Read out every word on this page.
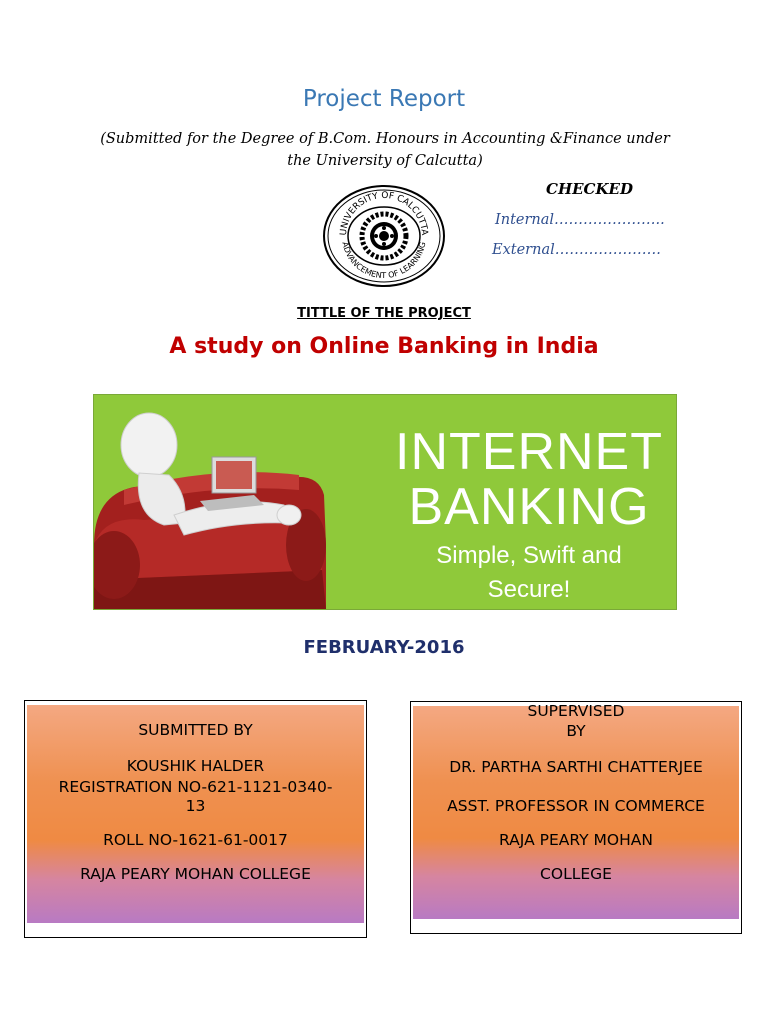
Project Report
(Submitted for the Degree of B.Com. Honours in Accounting &Finance under
the University of Calcutta)
UNIVERSITY OF CALCUTTA
ADVANCEMENT OF LEARNING
CHECKED
Internal…………………..
External………………….
TITTLE OF THE PROJECT
A study on Online Banking in India
INTERNET
BANKING
Simple, Swift and Secure!
FEBRUARY-2016
SUBMITTED BY
KOUSHIK HALDER
REGISTRATION NO-621-1121-0340-
13
ROLL NO-1621-61-0017
RAJA PEARY MOHAN COLLEGE
SUPERVISED
BY
DR. PARTHA SARTHI CHATTERJEE
ASST. PROFESSOR IN COMMERCE
RAJA PEARY MOHAN
COLLEGE
